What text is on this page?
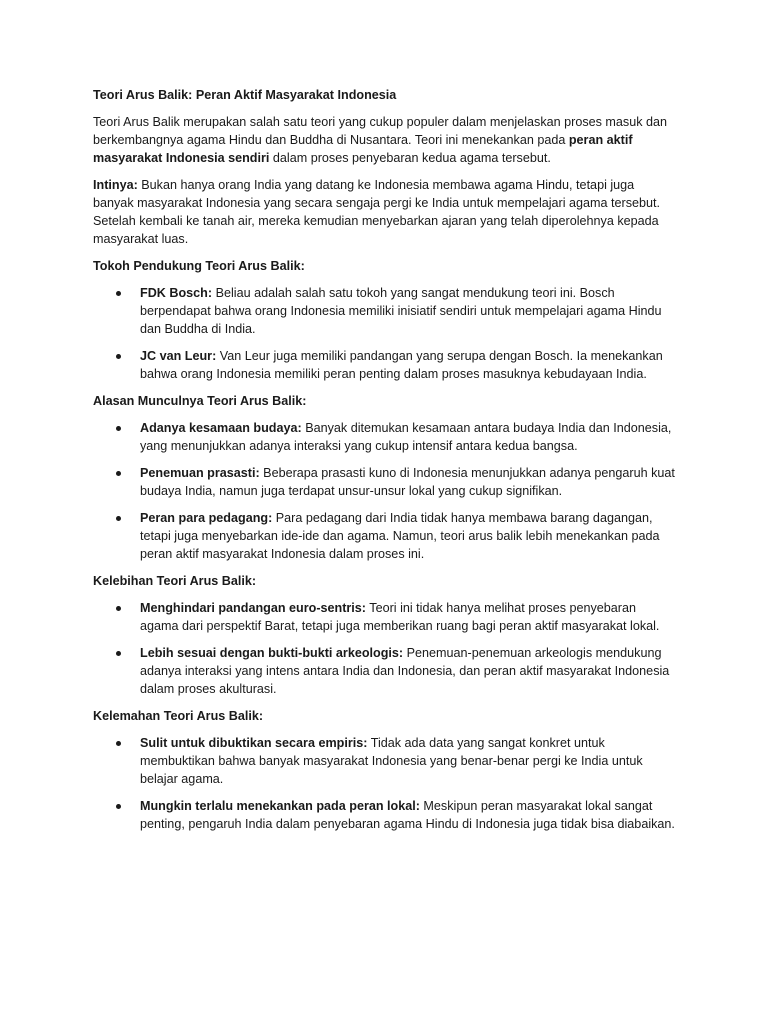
Teori Arus Balik: Peran Aktif Masyarakat Indonesia

Teori Arus Balik merupakan salah satu teori yang cukup populer dalam menjelaskan proses masuk dan berkembangnya agama Hindu dan Buddha di Nusantara. Teori ini menekankan pada peran aktif masyarakat Indonesia sendiri dalam proses penyebaran kedua agama tersebut.

Intinya: Bukan hanya orang India yang datang ke Indonesia membawa agama Hindu, tetapi juga banyak masyarakat Indonesia yang secara sengaja pergi ke India untuk mempelajari agama tersebut. Setelah kembali ke tanah air, mereka kemudian menyebarkan ajaran yang telah diperolehnya kepada masyarakat luas.

Tokoh Pendukung Teori Arus Balik:

FDK Bosch: Beliau adalah salah satu tokoh yang sangat mendukung teori ini. Bosch berpendapat bahwa orang Indonesia memiliki inisiatif sendiri untuk mempelajari agama Hindu dan Buddha di India.
JC van Leur: Van Leur juga memiliki pandangan yang serupa dengan Bosch. Ia menekankan bahwa orang Indonesia memiliki peran penting dalam proses masuknya kebudayaan India.

Alasan Munculnya Teori Arus Balik:

Adanya kesamaan budaya: Banyak ditemukan kesamaan antara budaya India dan Indonesia, yang menunjukkan adanya interaksi yang cukup intensif antara kedua bangsa.
Penemuan prasasti: Beberapa prasasti kuno di Indonesia menunjukkan adanya pengaruh kuat budaya India, namun juga terdapat unsur-unsur lokal yang cukup signifikan.
Peran para pedagang: Para pedagang dari India tidak hanya membawa barang dagangan, tetapi juga menyebarkan ide-ide dan agama. Namun, teori arus balik lebih menekankan pada peran aktif masyarakat Indonesia dalam proses ini.

Kelebihan Teori Arus Balik:

Menghindari pandangan euro-sentris: Teori ini tidak hanya melihat proses penyebaran agama dari perspektif Barat, tetapi juga memberikan ruang bagi peran aktif masyarakat lokal.
Lebih sesuai dengan bukti-bukti arkeologis: Penemuan-penemuan arkeologis mendukung adanya interaksi yang intens antara India dan Indonesia, dan peran aktif masyarakat Indonesia dalam proses akulturasi.

Kelemahan Teori Arus Balik:

Sulit untuk dibuktikan secara empiris: Tidak ada data yang sangat konkret untuk membuktikan bahwa banyak masyarakat Indonesia yang benar-benar pergi ke India untuk belajar agama.
Mungkin terlalu menekankan pada peran lokal: Meskipun peran masyarakat lokal sangat penting, pengaruh India dalam penyebaran agama Hindu di Indonesia juga tidak bisa diabaikan.
